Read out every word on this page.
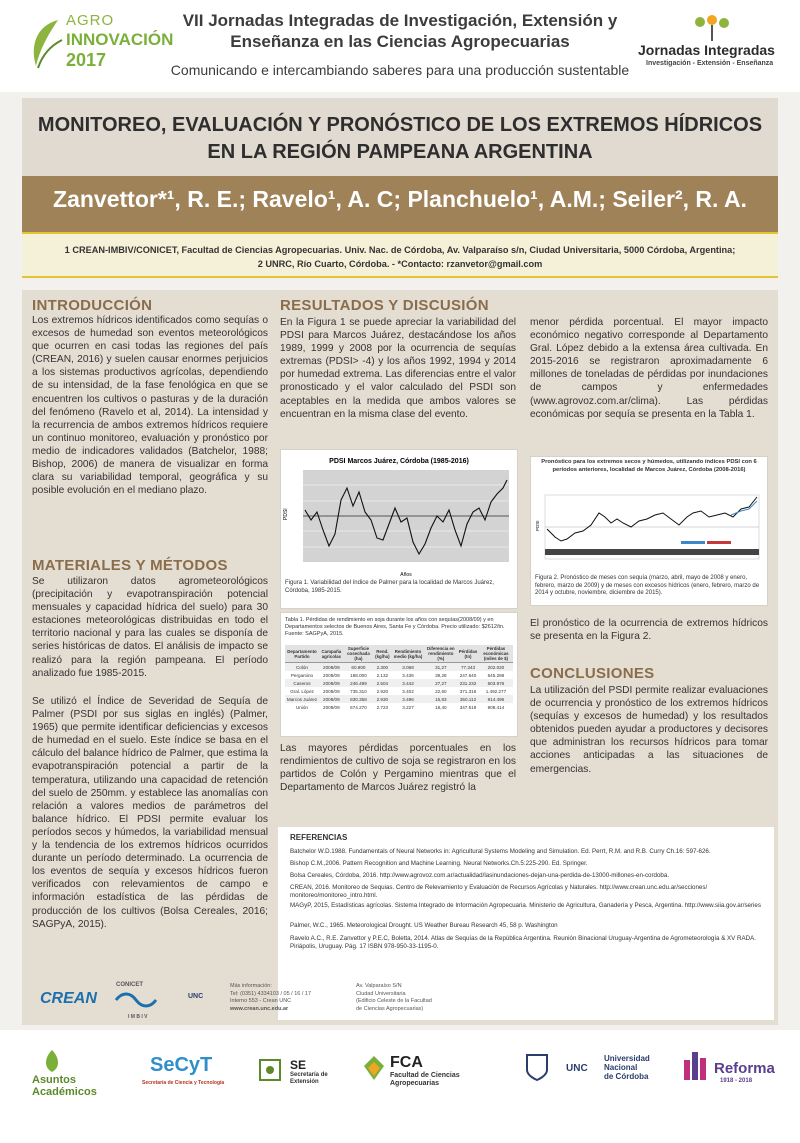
AGRO
INNOVACIÓN
2017
VII Jornadas Integradas de Investigación, Extensión y Enseñanza en las Ciencias Agropecuarias
Comunicando e intercambiando saberes para una producción sustentable
Jornadas Integradas
Investigación - Extensión - Enseñanza
MONITOREO, EVALUACIÓN Y PRONÓSTICO DE LOS EXTREMOS HÍDRICOS
EN LA REGIÓN PAMPEANA ARGENTINA
Zanvettor*¹, R. E.; Ravelo¹, A. C; Planchuelo¹, A.M.; Seiler², R. A.
1 CREAN-IMBIV/CONICET, Facultad de Ciencias Agropecuarias. Univ. Nac. de Córdoba, Av. Valparaíso s/n, Ciudad Universitaria, 5000 Córdoba, Argentina;
2 UNRC, Río Cuarto, Córdoba. - *Contacto: rzanvetor@gmail.com
INTRODUCCIÓN
Los extremos hídricos identificados como sequías o excesos de humedad son eventos meteorológicos que ocurren en casi todas las regiones del país (CREAN, 2016) y suelen causar enormes perjuicios a los sistemas productivos agrícolas, dependiendo de su intensidad, de la fase fenológica en que se encuentren los cultivos o pasturas y de la duración del fenómeno (Ravelo et al, 2014). La intensidad y la recurrencia de ambos extremos hídricos requiere un continuo monitoreo, evaluación y pronóstico por medio de indicadores validados (Batchelor, 1988; Bishop, 2006) de manera de visualizar en forma clara su variabilidad temporal, geográfica y su posible evolución en el mediano plazo.
MATERIALES Y MÉTODOS
Se utilizaron datos agrometeorológicos (precipitación y evapotranspiración potencial mensuales y capacidad hídrica del suelo) para 30 estaciones meteorológicas distribuidas en todo el territorio nacional y para las cuales se disponía de series históricas de datos. El análisis de impacto se realizó para la región pampeana. El período analizado fue 1985-2015.
Se utilizó el Índice de Severidad de Sequía de Palmer (PSDI por sus siglas en inglés) (Palmer, 1965) que permite identificar deficiencias y excesos de humedad en el suelo. Este índice se basa en el cálculo del balance hídrico de Palmer, que estima la evapotranspiración potencial a partir de la temperatura, utilizando una capacidad de retención del suelo de 250mm. y establece las anomalías con relación a valores medios de parámetros del balance hídrico. El PDSI permite evaluar los períodos secos y húmedos, la variabilidad mensual y la tendencia de los extremos hídricos ocurridos durante un período determinado. La ocurrencia de los eventos de sequía y excesos hídricos fueron verificados con relevamientos de campo e información estadística de las pérdidas de producción de los cultivos (Bolsa Cereales, 2016; SAGPyA, 2015).
RESULTADOS Y DISCUSIÓN
En la Figura 1 se puede apreciar la variabilidad del PDSI para Marcos Juárez, destacándose los años 1989, 1999 y 2008 por la ocurrencia de sequías extremas (PDSI> -4) y los años 1992, 1994 y 2014 por humedad extrema. Las diferencias entre el valor pronosticado y el valor calculado del PSDI son aceptables en la medida que ambos valores se encuentran en la misma clase del evento.
PDSI Marcos Juárez, Córdoba (1985-2016)
PDSI
Años
Figura 1. Variabilidad del índice de Palmer para la localidad de Marcos Juárez, Córdoba, 1985-2015.
Tabla 1. Pérdidas de rendimiento en soja durante los años con sequías(2008/09) y en Departamentos selectos de Buenos Aires, Santa Fe y Córdoba. Precio utilizado: $2612/tn. Fuente: SAGPyA, 2015.
Departamento Partido	Campaña agrícolas	Superficie cosechada (ha)	Rend. (kg/ha)	Rendimiento medio (kg/ha)	Diferencia en rendimiento (%)	Pérdidas (tn)	Pérdidas económicas (miles de $)
Colón	2008/09	60.900	2.300	3.068	31,27	77.343	202.020
Pergamino	2008/09	188.000	2.132	3.436	39,28	247.640	645.288
Caseros	2008/09	246.499	2.504	3.442	27,27	231.232	603.976
Gral. López	2008/09	735.310	2.920	3.402	22,60	371.316	1.492.277
Marcos Juárez	2008/09	830.358	2.930	3.496	15,83	350.112	914.496
Unión	2008/09	674.270	2.723	3.227	18,40	347.518	908.414
Las mayores pérdidas porcentuales en los rendimientos de cultivo de soja se registraron en los partidos de Colón y Pergamino mientras que el Departamento de Marcos Juárez registró la
menor pérdida porcentual. El mayor impacto económico negativo corresponde al Departamento Gral. López debido a la extensa área cultivada. En 2015-2016 se registraron aproximadamente 6 millones de toneladas de pérdidas por inundaciones de campos y enfermedades (www.agrovoz.com.ar/clima). Las pérdidas económicas por sequía se presenta en la Tabla 1.
Pronóstico para los extremos secos y húmedos, utilizando índices PDSI con 6 períodos anteriores, localidad de Marcos Juárez, Córdoba (2008-2016)
PDSI
Figura 2. Pronóstico de meses con sequía (marzo, abril, mayo de 2008 y enero, febrero, marzo de 2009) y de meses con excesos hídricos (enero, febrero, marzo de 2014 y octubre, noviembre, diciembre de 2015).
El pronóstico de la ocurrencia de extremos hídricos se presenta en la Figura 2.
CONCLUSIONES
La utilización del PSDI permite realizar evaluaciones de ocurrencia y pronóstico de los extremos hídricos (sequías y excesos de humedad) y los resultados obtenidos pueden ayudar a productores y decisores que administran los recursos hídricos para tomar acciones anticipadas a las situaciones de emergencias.
REFERENCIAS
Batchelor W.D.1988. Fundamentals of Neural Networks in: Agricultural Systems Modeling and Simulation. Ed. Perrt, R.M. and R.B. Curry Ch.16: 597-626.
Bishop C.M.,2006. Pattern Recognition and Machine Learning. Neural Networks.Ch.5:225-290. Ed. Springer.
Bolsa Cereales, Córdoba, 2016. http://www.agrovoz.com.ar/actualidad/lasinundaciones-dejan-una-perdida-de-13000-millones-en-cordoba.
CREAN, 2016. Monitoreo de Sequias. Centro de Relevamiento y Evaluación de Recursos Agrícolas y Naturales. http://www.crean.unc.edu.ar/secciones/ monitoreo/monitoreo_intro.html.
MAGyP, 2015, Estadísticas agrícolas. Sistema Integrado de Información Agropecuaria. Ministerio de Agricultura, Ganadería y Pesca, Argentina. http://www.siia.gov.ar/series
Palmer, W.C., 1965. Meteorological Drought. US Weather Bureau Research 45, 58 p. Washington
Ravelo A.C., R.E. Zanvettor y P.E.C, Boletta, 2014. Atlas de Sequías de la República Argentina. Reunión Binacional Uruguay-Argentina de Agrometeorología & XV RADA. Piriápolis, Uruguay. Pág. 17 ISBN 978-950-33-1195-0.
CREAN
CONICET
I M B I V
UNC
Más información:
Tel: (0351) 4334103 / 05 / 16 / 17
Interno 553 - Crean UNC
www.crean.unc.edu.ar
Av. Valparaíso S/N
Ciudad Universitaria
(Edificio Celeste de la Facultad
de Ciencias Agropecuarias)
Asuntos
Académicos
SeCyT
Secretaría de Ciencia y Tecnología
SE
Secretaría de
Extensión
FCA
Facultad de Ciencias
Agropecuarias
UNC
Universidad
Nacional
de Córdoba	Reforma
1918 - 2018
